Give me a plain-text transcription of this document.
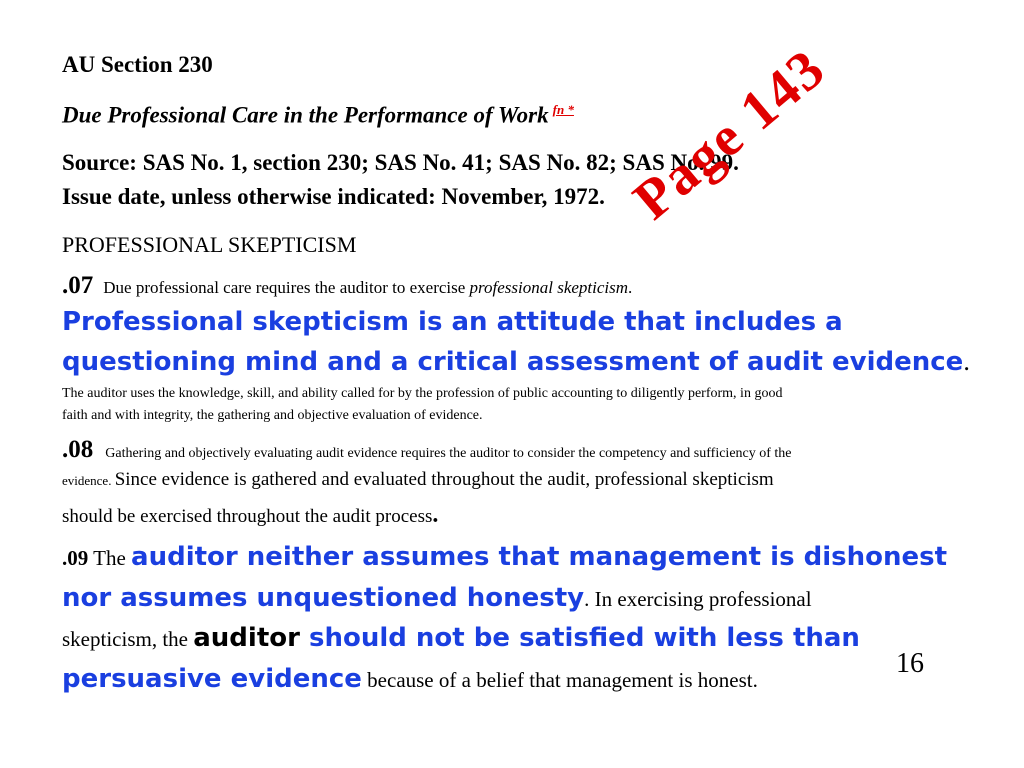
AU Section 230
Due Professional Care in the Performance of Work $^{fn *}$
Source: SAS No. 1, section 230; SAS No. 41; SAS No. 82; SAS No. 99.
Issue date, unless otherwise indicated: November, 1972.
PROFESSIONAL SKEPTICISM
.07 Due professional care requires the auditor to exercise professional skepticism.
Professional skepticism is an attitude that includes a
questioning mind and a critical assessment of audit evidence.
The auditor uses the knowledge, skill, and ability called for by the profession of public accounting to diligently perform, in good
faith and with integrity, the gathering and objective evaluation of evidence.
.08 Gathering and objectively evaluating audit evidence requires the auditor to consider the competency and sufficiency of the
evidence. Since evidence is gathered and evaluated throughout the audit, professional skepticism
should be exercised throughout the audit process.
.09 The auditor neither assumes that management is dishonest
nor assumes unquestioned honesty. In exercising professional
skepticism, the auditor should not be satisfied with less than
persuasive evidence because of a belief that management is honest.
Page 143
16
